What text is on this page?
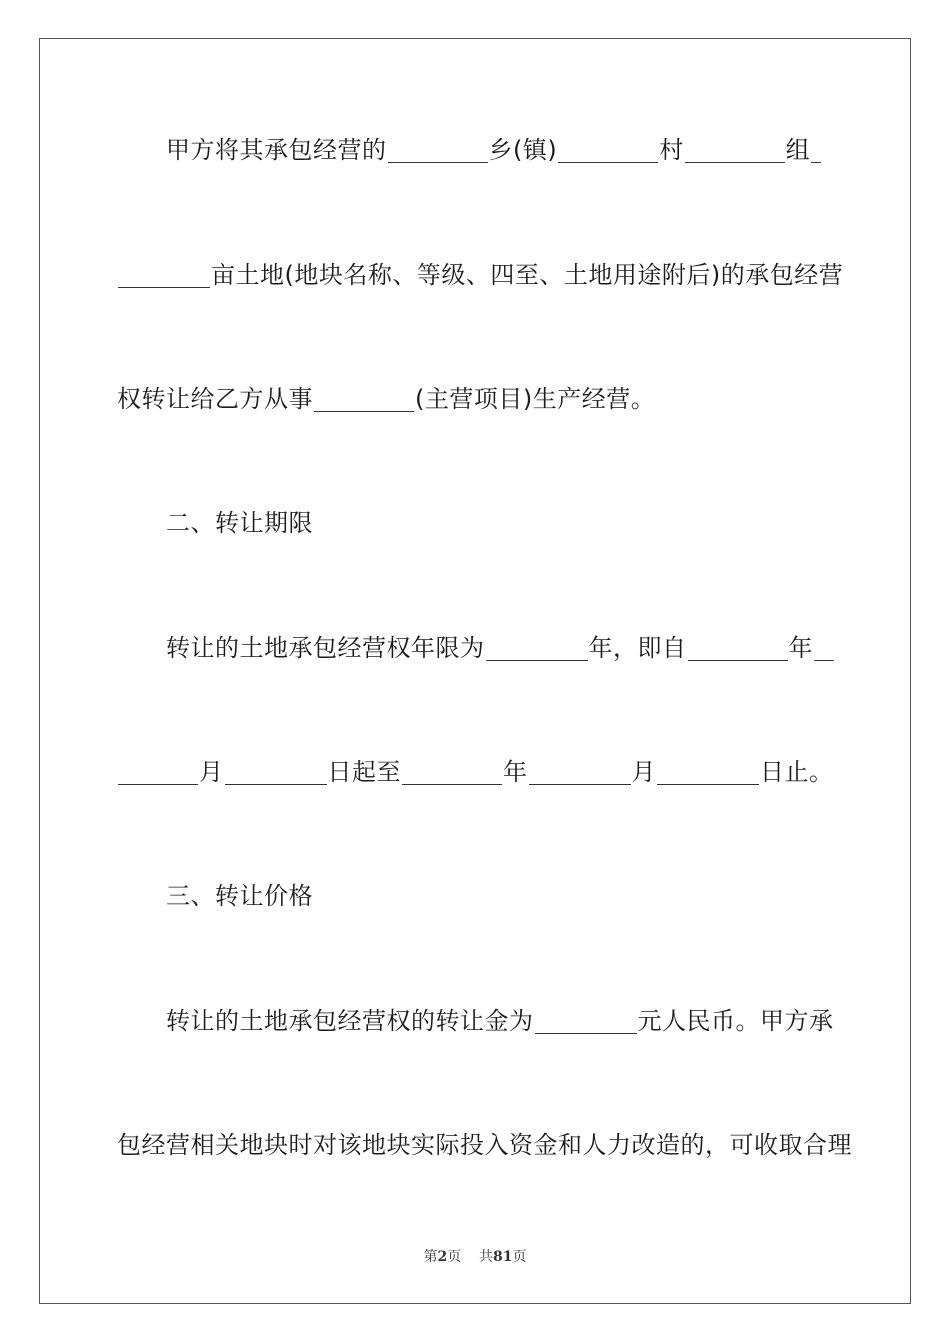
甲方将其承包经营的	乡(镇)	村	组
亩土地(地块名称、等级、四至、土地用途附后)的承包经营
权转让给乙方从事	(主营项目)生产经营。
二、转让期限
转让的土地承包经营权年限为	年，即自	年
月	日起至	年	月	日止。
三、转让价格
转让的土地承包经营权的转让金为	元人民币。甲方承
包经营相关地块时对该地块实际投入资金和人力改造的，可收取合理
第2页 共81页
